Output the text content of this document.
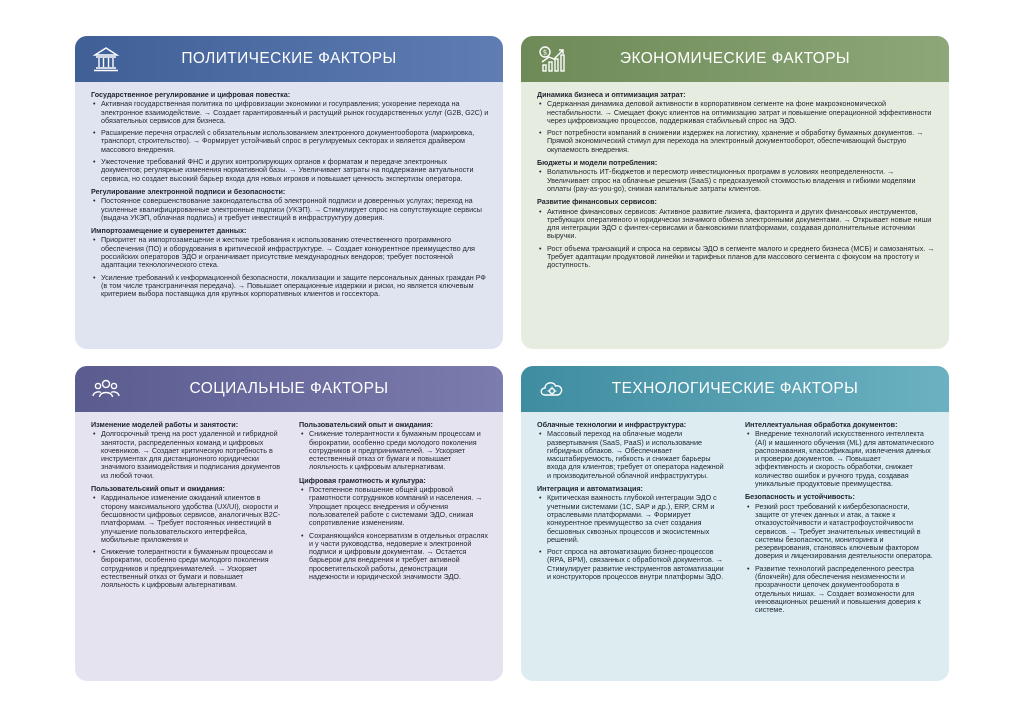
ПОЛИТИЧЕСКИЕ ФАКТОРЫ
Государственное регулирование и цифровая повестка:
• Активная государственная политика по цифровизации экономики и госуправления; ускорение перехода на электронное взаимодействие. → Создает гарантированный и растущий рынок государственных услуг (G2B, G2C) и обязательных сервисов для бизнеса.
• Расширение перечня отраслей с обязательным использованием электронного документооборота (маркировка, транспорт, строительство). → Формирует устойчивый спрос в регулируемых секторах и является драйвером массового внедрения.
• Ужесточение требований ФНС и других контролирующих органов к форматам и передаче электронных документов; регулярные изменения нормативной базы. → Увеличивает затраты на поддержание актуальности сервиса, но создает высокий барьер входа для новых игроков и повышает ценность экспертизы оператора.
Регулирование электронной подписи и безопасности:
• Постоянное совершенствование законодательства об электронной подписи и доверенных услугах; переход на усиленные квалифицированные электронные подписи (УКЭП). → Стимулирует спрос на сопутствующие сервисы (выдача УКЭП, облачная подпись) и требует инвестиций в инфраструктуру доверия.
Импортозамещение и суверенитет данных:
• Приоритет на импортозамещение и жесткие требования к использованию отечественного программного обеспечения (ПО) и оборудования в критической инфраструктуре. → Создает конкурентное преимущество для российских операторов ЭДО и ограничивает присутствие международных вендоров; требует постоянной адаптации технологического стека.
• Усиление требований к информационной безопасности, локализации и защите персональных данных граждан РФ (в том числе трансграничная передача). → Повышает операционные издержки и риски, но является ключевым критерием выбора поставщика для крупных корпоративных клиентов и госсектора.
$	ЭКОНОМИЧЕСКИЕ ФАКТОРЫ
Динамика бизнеса и оптимизация затрат:
• Сдержанная динамика деловой активности в корпоративном сегменте на фоне макроэкономической нестабильности. → Смещает фокус клиентов на оптимизацию затрат и повышение операционной эффективности через цифровизацию процессов, поддерживая стабильный спрос на ЭДО.
• Рост потребности компаний в снижении издержек на логистику, хранение и обработку бумажных документов. → Прямой экономический стимул для перехода на электронный документооборот, обеспечивающий быструю окупаемость внедрения.
Бюджеты и модели потребления:
• Волатильность ИТ-бюджетов и пересмотр инвестиционных программ в условиях неопределенности. → Увеличивает спрос на облачные решения (SaaS) с предсказуемой стоимостью владения и гибкими моделями оплаты (pay-as-you-go), снижая капитальные затраты клиентов.
Развитие финансовых сервисов:
• Активное финансовых сервисов: Активное развитие лизинга, факторинга и других финансовых инструментов, требующих оперативного и юридически значимого обмена электронными документами. → Открывает новые ниши для интеграции ЭДО с финтех-сервисами и банковскими платформами, создавая дополнительные источники выручки.
• Рост объема транзакций и спроса на сервисы ЭДО в сегменте малого и среднего бизнеса (МСБ) и самозанятых. → Требует адаптации продуктовой линейки и тарифных планов для массового сегмента с фокусом на простоту и доступность.
СОЦИАЛЬНЫЕ ФАКТОРЫ
Изменение моделей работы и занятости:
• Долгосрочный тренд на рост удаленной и гибридной занятости, распределенных команд и цифровых кочевников. → Создает критическую потребность в инструментах для дистанционного юридически значимого взаимодействия и подписания документов из любой точки.
Пользовательский опыт и ожидания:
• Кардинальное изменение ожиданий клиентов в сторону максимального удобства (UX/UI), скорости и бесшовности цифровых сервисов, аналогичных B2C-платформам. → Требует постоянных инвестиций в улучшение пользовательского интерфейса, мобильные приложения и
• Снижение толерантности к бумажным процессам и бюрократии, особенно среди молодого поколения сотрудников и предпринимателей. → Ускоряет естественный отказ от бумаги и повышает лояльность к цифровым альтернативам.
Пользовательский опыт и ожидания:
• Снижение толерантности к бумажным процессам и бюрократии, особенно среди молодого поколения сотрудников и предпринимателей. → Ускоряет естественный отказ от бумаги и повышает лояльность к цифровым альтернативам.
Цифровая грамотность и культура:
• Постепенное повышение общей цифровой грамотности сотрудников компаний и населения. → Упрощает процесс внедрения и обучения пользователей работе с системами ЭДО, снижая сопротивление изменениям.
• Сохраняющийся консерватизм в отдельных отраслях и у части руководства, недоверие к электронной подписи и цифровым документам. → Остается барьером для внедрения и требует активной просветительской работы, демонстрации надежности и юридической значимости ЭДО.
ТЕХНОЛОГИЧЕСКИЕ ФАКТОРЫ
Облачные технологии и инфраструктура:
• Массовый переход на облачные модели развертывания (SaaS, PaaS) и использование гибридных облаков. → Обеспечивает масштабируемость, гибкость и снижает барьеры входа для клиентов; требует от оператора надежной и производительной облачной инфраструктуры.
Интеграция и автоматизация:
• Критическая важность глубокой интеграции ЭДО с учетными системами (1С, SAP и др.), ERP, CRM и отраслевыми платформами. → Формирует конкурентное преимущество за счет создания бесшовных сквозных процессов и экосистемных решений.
• Рост спроса на автоматизацию бизнес-процессов (RPA, BPM), связанных с обработкой документов. → Стимулирует развитие инструментов автоматизации и конструкторов процессов внутри платформы ЭДО.
Интеллектуальная обработка документов:
• Внедрение технологий искусственного интеллекта (AI) и машинного обучения (ML) для автоматического распознавания, классификации, извлечения данных и проверки документов. → Повышает эффективность и скорость обработки, снижает количество ошибок и ручного труда, создавая уникальные продуктовые преимущества.
Безопасность и устойчивость:
• Резкий рост требований к кибербезопасности, защите от утечек данных и атак, а также к отказоустойчивости и катастрофоустойчивости сервисов. → Требует значительных инвестиций в системы безопасности, мониторинга и резервирования, становясь ключевым фактором доверия и лицензирования деятельности оператора.
• Развитие технологий распределенного реестра (блокчейн) для обеспечения неизменности и прозрачности цепочек документооборота в отдельных нишах. → Создает возможности для инновационных решений и повышения доверия к системе.
